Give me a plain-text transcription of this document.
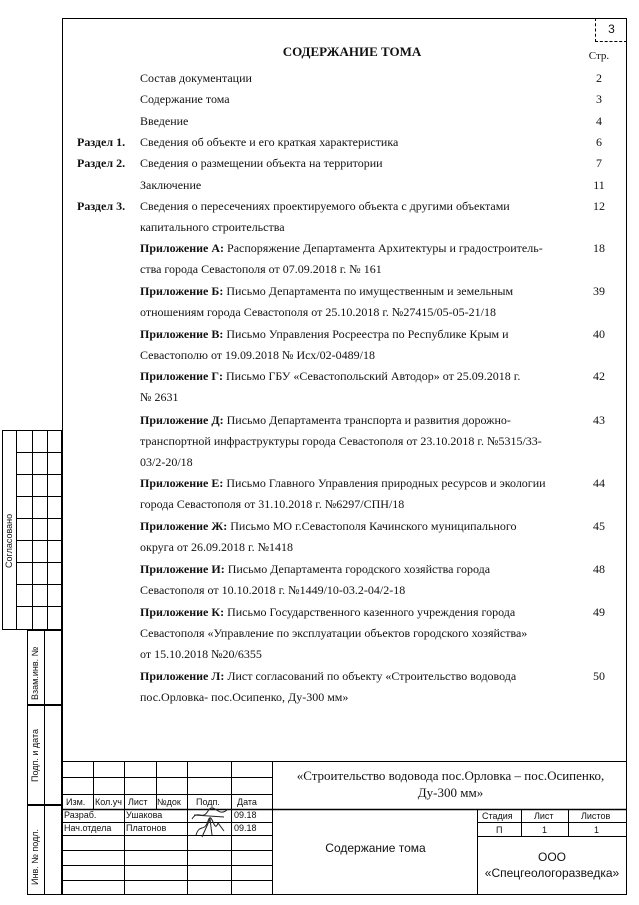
3
СОДЕРЖАНИЕ ТОМА	Стр.
Состав документации	2
Содержание тома	3
Введение	4
Раздел 1.	Сведения об объекте и его краткая характеристика	6
Раздел 2.	Сведения о размещении объекта на территории	7
Заключение	11
Раздел 3.	Сведения о пересечениях проектируемого объекта с другими объектами	12
капитального строительства
Приложение А: Распоряжение Департамента Архитектуры и градостроитель-	18
ства города Севастополя от 07.09.2018 г. № 161
Приложение Б: Письмо Департамента по имущественным и земельным	39
отношениям города Севастополя от 25.10.2018 г. №27415/05-05-21/18
Приложение В: Письмо Управления Росреестра по Республике Крым и	40
Севастополю от 19.09.2018 № Исх/02-0489/18
Приложение Г: Письмо ГБУ «Севастопольский Автодор» от 25.09.2018 г.	42
№ 2631
Приложение Д: Письмо Департамента транспорта и развития дорожно-	43
транспортной инфраструктуры города Севастополя от 23.10.2018 г. №5315/33-
03/2-20/18
Приложение Е: Письмо Главного Управления природных ресурсов и экологии	44
города Севастополя от 31.10.2018 г. №6297/СПН/18
Приложение Ж: Письмо МО г.Севастополя Качинского муниципального	45
округа от 26.09.2018 г. №1418
Приложение И: Письмо Департамента городского хозяйства города	48
Севастополя от 10.10.2018 г. №1449/10-03.2-04/2-18
Приложение К: Письмо Государственного казенного учреждения города	49
Севастополя «Управление по эксплуатации объектов городского хозяйства»
от 15.10.2018 №20/6355
Приложение Л: Лист согласований по объекту «Строительство водовода	50
пос.Орловка- пос.Осипенко, Ду-300 мм»
Согласовано
Взам.инв. №
Подп. и дата
Инв. № подл.
Изм. Кол.уч Лист №док Подп. Дата
Разраб.	Ушакова	09.18
Нач.отдела Платонов	09.18
«Строительство водовода пос.Орловка – пос.Осипенко,
Ду-300 мм»
Содержание тома
Стадия Лист	Листов
П	1	1
ООО
«Спецгеологоразведка»
